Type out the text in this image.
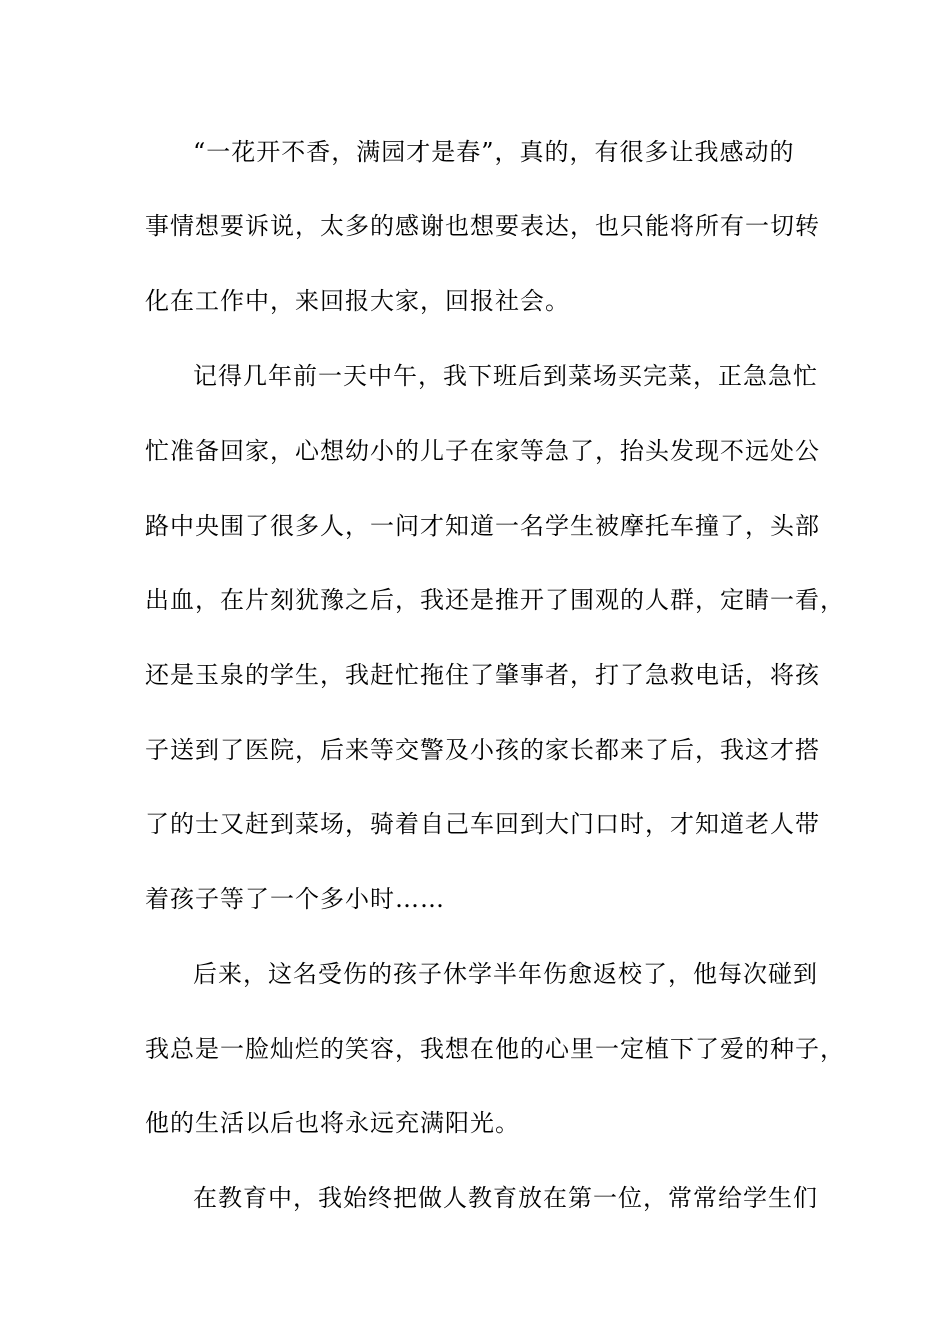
“一花开不香，满园才是春”，真的，有很多让我感动的
事情想要诉说，太多的感谢也想要表达，也只能将所有一切转
化在工作中，来回报大家，回报社会。
记得几年前一天中午，我下班后到菜场买完菜，正急急忙
忙准备回家，心想幼小的儿子在家等急了，抬头发现不远处公
路中央围了很多人，一问才知道一名学生被摩托车撞了，头部
出血，在片刻犹豫之后，我还是推开了围观的人群，定睛一看，
还是玉泉的学生，我赶忙拖住了肇事者，打了急救电话，将孩
子送到了医院，后来等交警及小孩的家长都来了后，我这才搭
了的士又赶到菜场，骑着自己车回到大门口时，才知道老人带
着孩子等了一个多小时……
后来，这名受伤的孩子休学半年伤愈返校了，他每次碰到
我总是一脸灿烂的笑容，我想在他的心里一定植下了爱的种子，
他的生活以后也将永远充满阳光。
在教育中，我始终把做人教育放在第一位，常常给学生们
